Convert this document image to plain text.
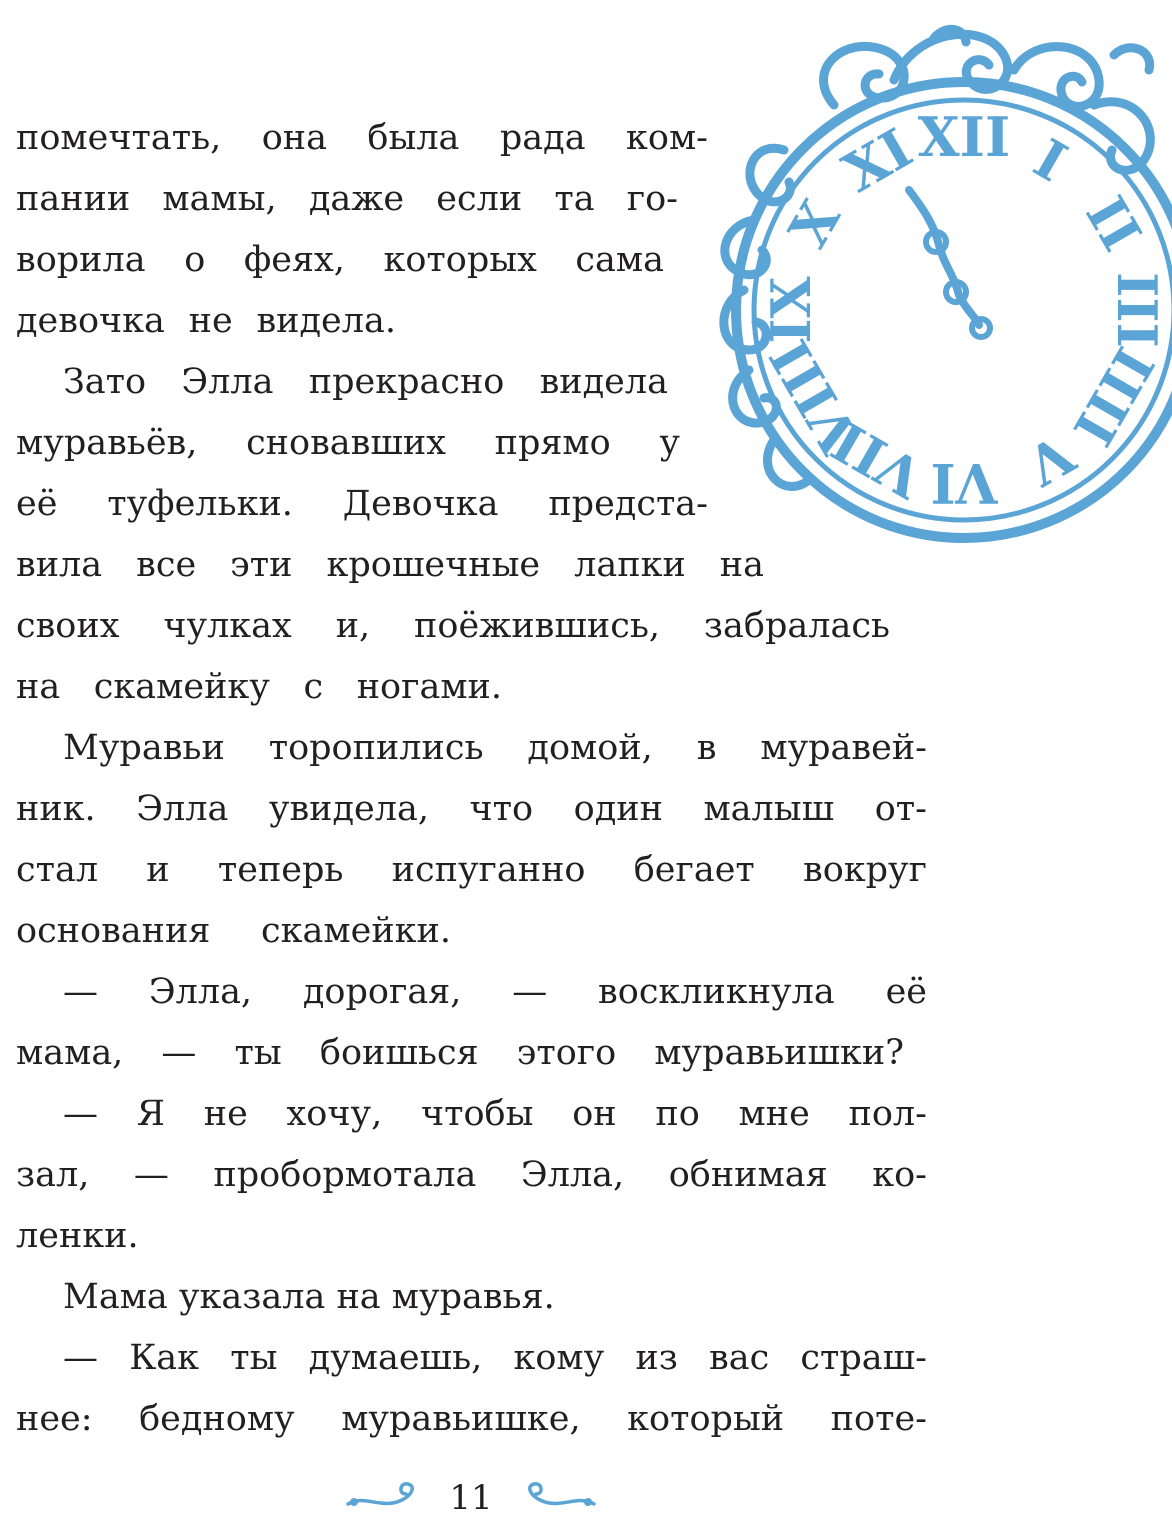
I
II
III
IIII
V
VI
VII
VIII
IX
X
XI
XII
помечтать, она была рада ком-
пании мамы, даже если та го-
ворила о феях, которых сама
девочка не видела.
Зато Элла прекрасно видела
муравьёв, сновавших прямо у
её туфельки. Девочка предста-
вила все эти крошечные лапки на
своих чулках и, поёжившись, забралась
на скамейку с ногами.
Муравьи торопились домой, в муравей-
ник. Элла увидела, что один малыш от-
стал и теперь испуганно бегает вокруг
основания скамейки.
— Элла, дорогая, — воскликнула её
мама, — ты боишься этого муравьишки?
— Я не хочу, чтобы он по мне пол-
зал, — пробормотала Элла, обнимая ко-
ленки.
Мама указала на муравья.
— Как ты думаешь, кому из вас страш-
нее: бедному муравьишке, который поте-
11
